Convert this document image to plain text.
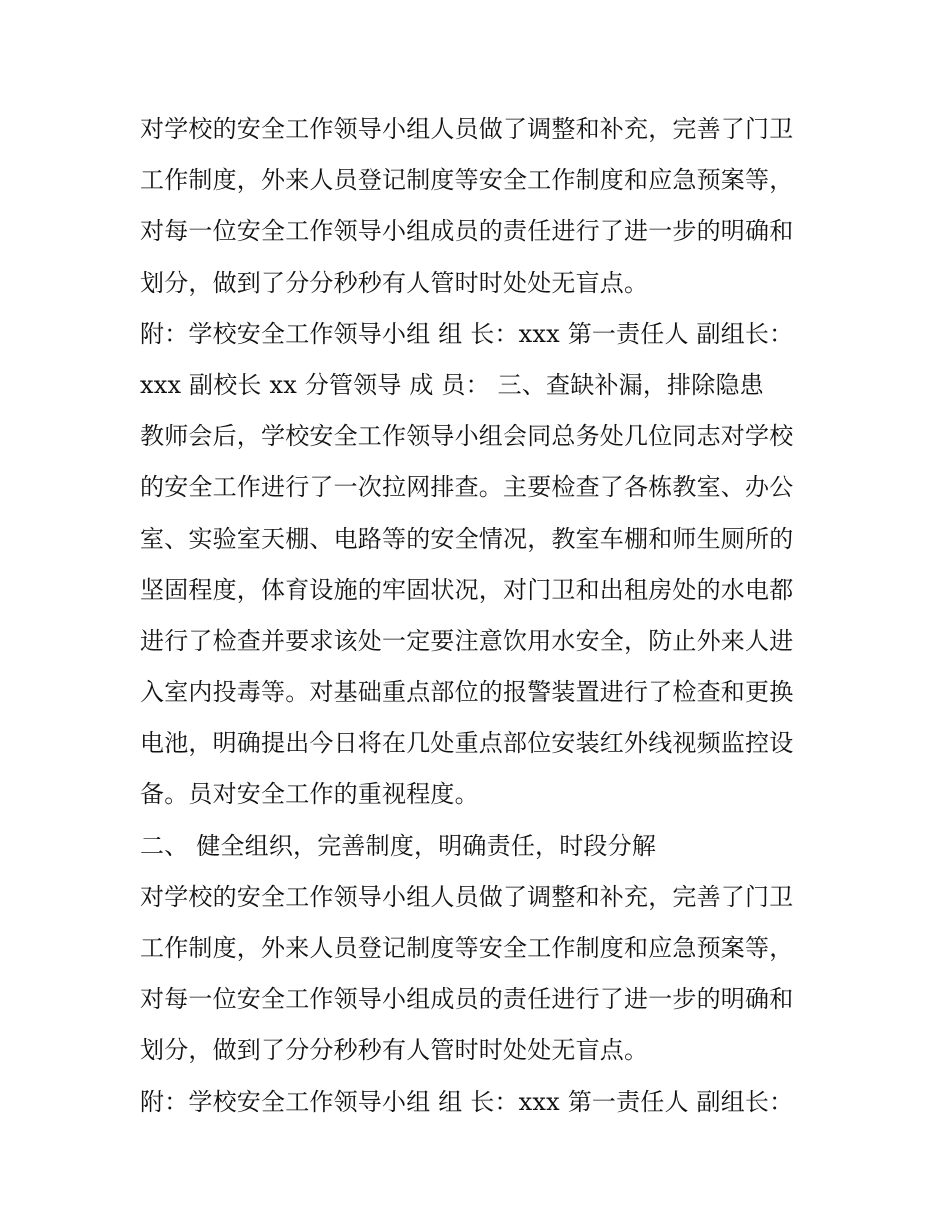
对学校的安全工作领导小组人员做了调整和补充，完善了门卫
工作制度，外来人员登记制度等安全工作制度和应急预案等，
对每一位安全工作领导小组成员的责任进行了进一步的明确和
划分，做到了分分秒秒有人管时时处处无盲点。
附：学校安全工作领导小组 组 长：xxx 第一责任人 副组长：
xxx 副校长 xx 分管领导 成 员： 三、查缺补漏，排除隐患
教师会后，学校安全工作领导小组会同总务处几位同志对学校
的安全工作进行了一次拉网排查。主要检查了各栋教室、办公
室、实验室天棚、电路等的安全情况，教室车棚和师生厕所的
坚固程度，体育设施的牢固状况，对门卫和出租房处的水电都
进行了检查并要求该处一定要注意饮用水安全，防止外来人进
入室内投毒等。对基础重点部位的报警装置进行了检查和更换
电池，明确提出今日将在几处重点部位安装红外线视频监控设
备。员对安全工作的重视程度。
二、 健全组织，完善制度，明确责任，时段分解
对学校的安全工作领导小组人员做了调整和补充，完善了门卫
工作制度，外来人员登记制度等安全工作制度和应急预案等，
对每一位安全工作领导小组成员的责任进行了进一步的明确和
划分，做到了分分秒秒有人管时时处处无盲点。
附：学校安全工作领导小组 组 长：xxx 第一责任人 副组长：
